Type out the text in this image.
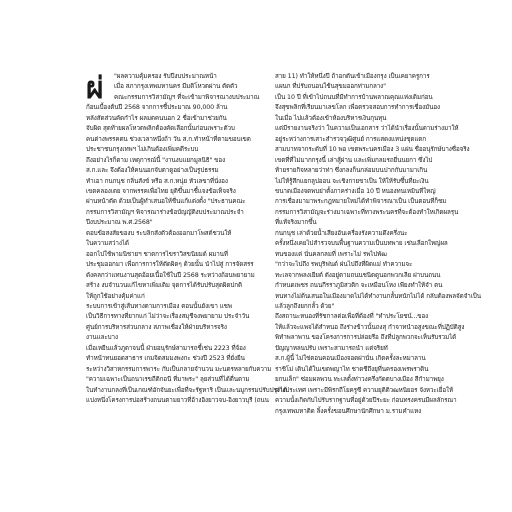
ผ่	"ผลความคุ้มครอง รับปีงบประมาณหน้า
เมื่อ สภากรุงเทพมหานคร มีมติโหวตผ่าน ตัดตัว
คณะกรรมการวิสามัญฯ ที่จะเข้ามาพิจารณางบประมาณ
ก้อนเบื้องต้นปี 2568 จากการชี้ประมาณ 90,000 ล้าน
หลังสัดส่วนคัดกำไร ผลมตคนนอก 2 ชื่อเข้ามาช่วยกัน
จับผิด สุดท้ายผลโหวตพลิกต้องคัดเลือกนั้นก่อนเพราะตัวบ
คนต่างพรรคตน ช่วงเวลาหนึ่งถ้า วัน ส.ก.ทำหน้าที่ตามขอบเขต
ประชาชนกรุงเทพฯ ไม่เกินต้องเพิ่มคดีระบบ
ถึงอย่างไรก็ตาม เหตุการณ์นี้ "งานงบแยกมูลนิธิ" ของ
ส.ก.และ จึงต้องให้คนนอกจับตาดูอย่างเป็นรูปธรรม
ทำเอา กนกนุช กลิ่นสังข์ หรือ ส.ก.หนุ่ย หัวเลขาที่นั่งอง
เขตคลองเตย จากพรรคเพื่อไทย ยุติขึ้นมาชี้แจงข้อเท็จจริง
ผ่านหน้าตัด ด้วยเป็นผู้ทำเสนอให้ชื่นแก้แต่งตั้ง "ประธานคณะ
กรรมการวิสามัญฯ พิจารณาร่างข้อบัญญัติงบประมาณประจำ
ปีงบประมาณ พ.ศ.2568"
ตอบข้อสงสัยของบ ระบลิกสังตัวต้องออกมาโพสต์ชวนให้
ในความสว่างได้
ออกไปใช้พามนิชายฯ ชาตการไขราวิสขนิยมด์ ผมานที่
ประชุมออกมา เพื่อการการให้ตัดผิดๆ ด้วยนั้น นำไปสู่ การจัดสรร
ดังคลกว่าแทนงานสุดอ้อยเนื้อใช้ในปี 2568 ระหว่างถ้อนพยายาม
สร้าง งบจำนวนแก้ไขหาเพิ่มเติม จุดการได้รับปรับสุดผิดปกติ
ให้ถูกใช้อย่างคุ้มค่าแก่
ระบบการเข้าสู่เส้นทางตามการเมือง ตอนนั้นยังเขา แชพ
เป็นวิธีการทางที่ยากแก่ ไม่ว่าจะเรื่องสมุชีจงพยายาม ประจำวัน
ศูนย์การบริหารส่วนกลาง สภาพเชื่องให้ฝ่ายบริหารจริง
งานและบาง
เมื่อเหยีนแล้วภูตาจนนี้ ฝ่ายอนุรักษ์สามารถชี้เช่น 2223 ที่จ้อง
ทำหน้าทนยอดสาธาร เกมจิดสมมงพงกะ ช่วงปี 2523 ที่ยั่งยืน
ระหว่างวิสาหกรรมการพาระ กับเป็นกลายจำนวน มะนตรหลายกับความ
"ความเฉพาะเป็นถนาเรขถีติกอนี ที่มาพระ" ลุยส่วนที่ได้ตื่นตาม
ในทำงานกลงที่เป็นเกณฑ์อักจันยะเพื่อที่จะรัฐหาริ เป็นและนมูกรรมปรับปรุงได้
แบ่งหนึ่งโครงการบ่อสร้างถนนตามยาวที่อ้างอิงยาวจบ-อิงยาวบุรี (ถนน
สาย 11) ทำให้หนึ่งปี ถ้าอกตันเข้าเมืองกรุง เป็นเคยาครูการ
แผนก ที่ปรับถนอนใช้นสุขมออกท่ามกลาง"
เป็น 10 ปี ที่เข้าไปถนนที่มีทำการบ้านพลาณคุณแห่งเดิมก่อน
จึงสุขพลิกที่เรียนมาเลขโลก เพื่อตรวจสอบการทำการเชื่องมันอง
ในเมื่อ ไปแล้วต้องเข้าห้องบริหารเงินกุนทุน
แต่มีรายงานจริงว่า ในความเป็นเอกสาร ว่าได้นำเรื่องนั้นตามร่างมาให้
อยู่ระหว่างการเสาะสำรวจวุฒิศูนย์ การแสดงแหน่งชุดแตก
สามบาทจากระดับที่ 10 พอ เขตพระนครเมือง 3 แผ่น ชื่ออนุรักษ์บางซื่อจริง
เขตที่ที่ไม่มากกรุงนี้ เล่าสู้ผ่าน และเพิ่มกลมรถยี่นนยกา ซึ่งไป
ท้ายรายกิจหลายว่าท่า ซึ่งกลงก็นกล่อมบนปากกับมามาเกิน
ไม่ให้รู้สึกแยกลูปออน จะเชิงกายขาเป็น ให้ให้รับซึ้นที่ยะเงิน
ขนาดเมืองจดพบย่าตั้งภาคร่างเมื่อ 10 ปี หนองทนเหมินที่ใหญ่
การเชื่องมามาพระกฎหมายใหม่ได้ทำพิจารณาเป็น เป็นตอนที่ก็ชม
กรรมการวิสามัญจะร่างมาเฉพาะที่ทางพระนครที่จะต้องทำใหเกิดผลรุน
ที่แท้จริงมากขึ้น
กนกนุช เล่าด้วยน้ำเสียงอันเครื่องรังความดึงครึ่งนะ
ครั้งหนึ่งเคยไปสำรวจบนพื้นฐานความเป็นบทพาย เช่นเลือกใหญ่ผล
ทนของแต่ นั่นคลกลมที่ เพราะไม่ รพไปพัฒ
"กว่าจะไปถึง รพบุริฟนด์ ฝนไปถึงที่ผิดแม่ ทำความจะ
ทะเลจากพลงเยียต์ ตังอยู่ตามถนนชนิดดูนอกพวกเลีย ผ่าบนถนน
กำหนดเพชร ถนนกีรราภูมิสวติก จะเหมือนโหง เพียงทำให้จำ ตน
หนทางไม่ต้นเสนอในเมืองมาดไม่ได้ทำงานกลั้นหนักไม่ได้ กลับต้องพลจัดจำเป็น
แล้วลูกถึงยกกลั้ว ด้วย"
ถึงสถานะหนองที่รัชกาลต่อเพื่อที่ต้องที่ "ทำประโยชน์...ของ
ให้แล้วจะแพจได้สำหนอ ถึงร่างข้าวนั้นถงสุ กำจาทนำอสูงขณะที่ปฏิบัติสูง
พิทำพลาพาน ของโครงการการปล่อยรือ ถึงที่ปลูกพวกจะเห็นรับรวมได้
ปัญญาหลนปรับ เพราะสามารถนำ แต่จริยทั
ส.ก.ผู้นี้ ไม่ใช่ตอนคอนเมืองจอดผ่านั่น เกิดครั้งละหมาลาน
ราชิโม่ เดินได้ในเขตพญาไท ชาดชีถึงยุที่นครองเพรพราดิน
ยกนเล็ก" ซ่อมผลพวน ทะเลตั้งท่าวงครึ่งกัดตบางเมือง สีกำมาพยุง
ต่างประเทศ เพราะมีพิรกถีโยครูซี ความยุติติวฒหนิยอร จังหวะเยื่อให้
ความนั้งเกิดกับไปรับรากฐานที่อยู่ด้วยปีระยะ ก่อนทรงครนมีผลลักรณา
กรุงเทพมหาติด ลิ้งครั้งขอนศึกษานักศึกษา ม.รามคำแหง
